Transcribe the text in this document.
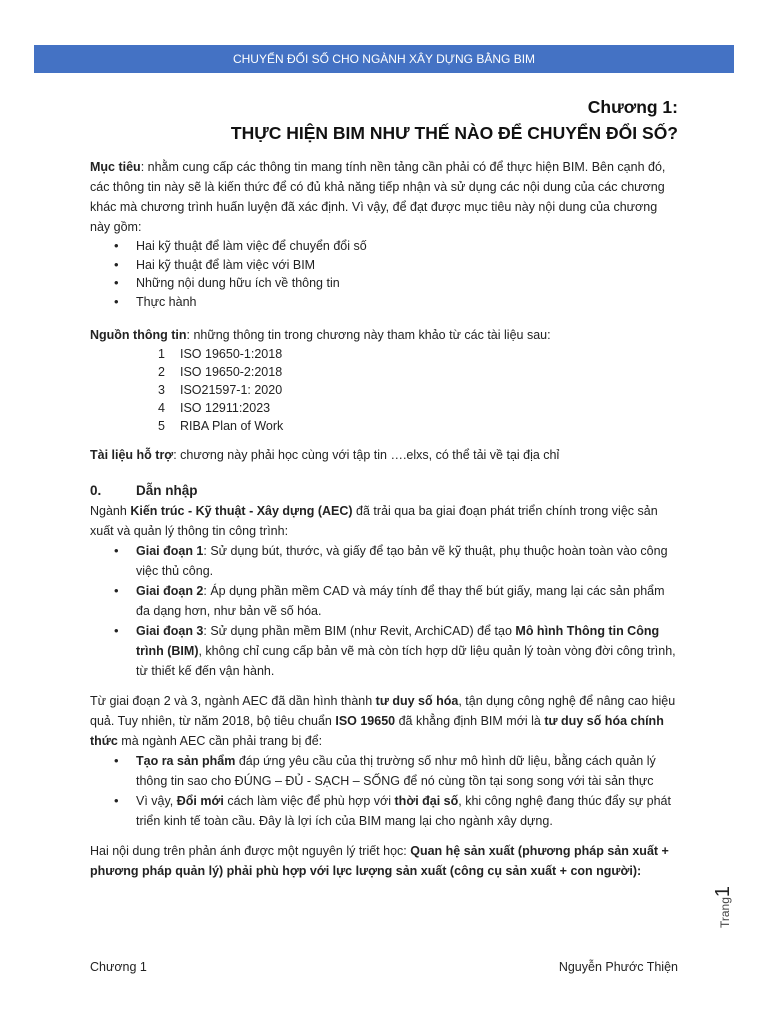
CHUYỂN ĐỔI SỐ CHO NGÀNH XÂY DỰNG BẰNG BIM
Chương 1:
THỰC HIỆN BIM NHƯ THẾ NÀO ĐỂ CHUYỂN ĐỔI SỐ?

Mục tiêu: nhằm cung cấp các thông tin mang tính nền tảng cần phải có để thực hiện BIM. Bên cạnh đó, các thông tin này sẽ là kiến thức để có đủ khả năng tiếp nhận và sử dụng các nội dung của các chương khác mà chương trình huấn luyện đã xác định. Vì vậy, để đạt được mục tiêu này nội dung của chương này gồm:

• Hai kỹ thuật để làm việc để chuyển đổi số
• Hai kỹ thuật để làm việc với BIM
• Những nội dung hữu ích về thông tin
• Thực hành

Nguồn thông tin: những thông tin trong chương này tham khảo từ các tài liệu sau:

1	ISO 19650-1:2018
2	ISO 19650-2:2018
3	ISO21597-1: 2020
4	ISO 12911:2023
5	RIBA Plan of Work

Tài liệu hỗ trợ: chương này phải học cùng với tập tin ….elxs, có thể tải về tại địa chỉ

0.	Dẫn nhập

Ngành Kiến trúc - Kỹ thuật - Xây dựng (AEC) đã trải qua ba giai đoạn phát triển chính trong việc sản xuất và quản lý thông tin công trình:

• Giai đoạn 1: Sử dụng bút, thước, và giấy để tạo bản vẽ kỹ thuật, phụ thuộc hoàn toàn vào công việc thủ công.
• Giai đoạn 2: Áp dụng phần mềm CAD và máy tính để thay thế bút giấy, mang lại các sản phẩm đa dạng hơn, như bản vẽ số hóa.
• Giai đoạn 3: Sử dụng phần mềm BIM (như Revit, ArchiCAD) để tạo Mô hình Thông tin Công trình (BIM), không chỉ cung cấp bản vẽ mà còn tích hợp dữ liệu quản lý toàn vòng đời công trình, từ thiết kế đến vận hành.

Từ giai đoạn 2 và 3, ngành AEC đã dần hình thành tư duy số hóa, tận dụng công nghệ để nâng cao hiệu quả. Tuy nhiên, từ năm 2018, bộ tiêu chuẩn ISO 19650 đã khẳng định BIM mới là tư duy số hóa chính thức mà ngành AEC cần phải trang bị để:

• Tạo ra sản phẩm đáp ứng yêu cầu của thị trường số như mô hình dữ liệu, bằng cách quản lý thông tin sao cho ĐÚNG – ĐỦ - SẠCH – SỐNG để nó cùng tồn tại song song với tài sản thực
• Vì vậy, Đổi mới cách làm việc để phù hợp với thời đại số, khi công nghệ đang thúc đẩy sự phát triển kinh tế toàn cầu. Đây là lợi ích của BIM mang lại cho ngành xây dựng.

Hai nội dung trên phản ánh được một nguyên lý triết học: Quan hệ sản xuất (phương pháp sản xuất + phương pháp quản lý) phải phù hợp với lực lượng sản xuất (công cụ sản xuất + con người):

Trang1
Chương 1	Nguyễn Phước Thiện
